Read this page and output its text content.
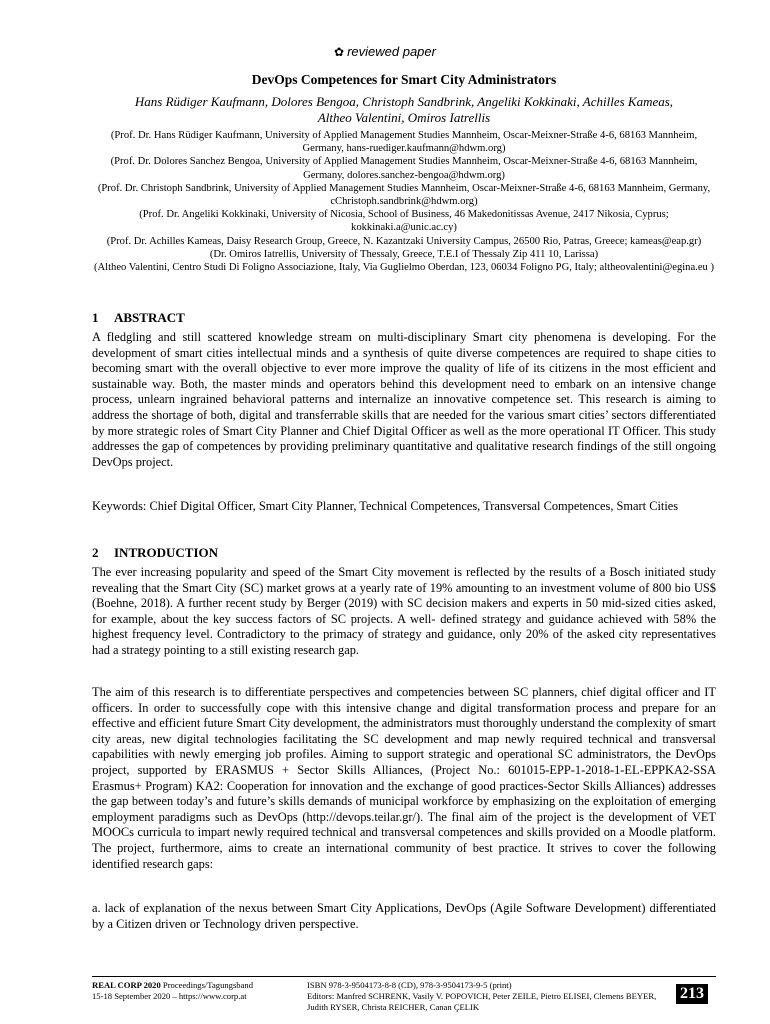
✿ reviewed paper
DevOps Competences for Smart City Administrators
Hans Rüdiger Kaufmann, Dolores Bengoa, Christoph Sandbrink, Angeliki Kokkinaki, Achilles Kameas,
Altheo Valentini, Omiros Iatrellis
(Prof. Dr. Hans Rüdiger Kaufmann, University of Applied Management Studies Mannheim, Oscar-Meixner-Straße 4-6, 68163 Mannheim, Germany, hans-ruediger.kaufmann@hdwm.org)
(Prof. Dr. Dolores Sanchez Bengoa, University of Applied Management Studies Mannheim, Oscar-Meixner-Straße 4-6, 68163 Mannheim, Germany, dolores.sanchez-bengoa@hdwm.org)
(Prof. Dr. Christoph Sandbrink, University of Applied Management Studies Mannheim, Oscar-Meixner-Straße 4-6, 68163 Mannheim, Germany, cChristoph.sandbrink@hdwm.org)
(Prof. Dr. Angeliki Kokkinaki, University of Nicosia, School of Business, 46 Makedonitissas Avenue, 2417 Nikosia, Cyprus; kokkinaki.a@unic.ac.cy)
(Prof. Dr. Achilles Kameas, Daisy Research Group, Greece, N. Kazantzaki University Campus, 26500 Rio, Patras, Greece; kameas@eap.gr)
(Dr. Omiros Iatrellis, University of Thessaly, Greece, T.E.I of Thessaly Zip 411 10, Larissa)
(Altheo Valentini, Centro Studi Di Foligno Associazione, Italy, Via Guglielmo Oberdan, 123, 06034 Foligno PG, Italy; altheovalentini@egina.eu )
1 ABSTRACT
A fledgling and still scattered knowledge stream on multi-disciplinary Smart city phenomena is developing. For the development of smart cities intellectual minds and a synthesis of quite diverse competences are required to shape cities to becoming smart with the overall objective to ever more improve the quality of life of its citizens in the most efficient and sustainable way. Both, the master minds and operators behind this development need to embark on an intensive change process, unlearn ingrained behavioral patterns and internalize an innovative competence set. This research is aiming to address the shortage of both, digital and transferrable skills that are needed for the various smart cities’ sectors differentiated by more strategic roles of Smart City Planner and Chief Digital Officer as well as the more operational IT Officer. This study addresses the gap of competences by providing preliminary quantitative and qualitative research findings of the still ongoing DevOps project.
Keywords: Chief Digital Officer, Smart City Planner, Technical Competences, Transversal Competences, Smart Cities
2 INTRODUCTION
The ever increasing popularity and speed of the Smart City movement is reflected by the results of a Bosch initiated study revealing that the Smart City (SC) market grows at a yearly rate of 19% amounting to an investment volume of 800 bio US$ (Boehne, 2018). A further recent study by Berger (2019) with SC decision makers and experts in 50 mid-sized cities asked, for example, about the key success factors of SC projects. A well- defined strategy and guidance achieved with 58% the highest frequency level. Contradictory to the primacy of strategy and guidance, only 20% of the asked city representatives had a strategy pointing to a still existing research gap.
The aim of this research is to differentiate perspectives and competencies between SC planners, chief digital officer and IT officers. In order to successfully cope with this intensive change and digital transformation process and prepare for an effective and efficient future Smart City development, the administrators must thoroughly understand the complexity of smart city areas, new digital technologies facilitating the SC development and map newly required technical and transversal capabilities with newly emerging job profiles. Aiming to support strategic and operational SC administrators, the DevOps project, supported by ERASMUS + Sector Skills Alliances, (Project No.: 601015-EPP-1-2018-1-EL-EPPKA2-SSA Erasmus+ Program) KA2: Cooperation for innovation and the exchange of good practices-Sector Skills Alliances) addresses the gap between today’s and future’s skills demands of municipal workforce by emphasizing on the exploitation of emerging employment paradigms such as DevOps (http://devops.teilar.gr/). The final aim of the project is the development of VET MOOCs curricula to impart newly required technical and transversal competences and skills provided on a Moodle platform. The project, furthermore, aims to create an international community of best practice. It strives to cover the following identified research gaps:
a. lack of explanation of the nexus between Smart City Applications, DevOps (Agile Software Development) differentiated by a Citizen driven or Technology driven perspective.
REAL CORP 2020 Proceedings/Tagungsband
15-18 September 2020 – https://www.corp.at
ISBN 978-3-9504173-8-8 (CD), 978-3-9504173-9-5 (print)
Editors: Manfred SCHRENK, Vasily V. POPOVICH, Peter ZEILE, Pietro ELISEI, Clemens BEYER, Judith RYSER, Christa REICHER, Canan ÇELIK
213
